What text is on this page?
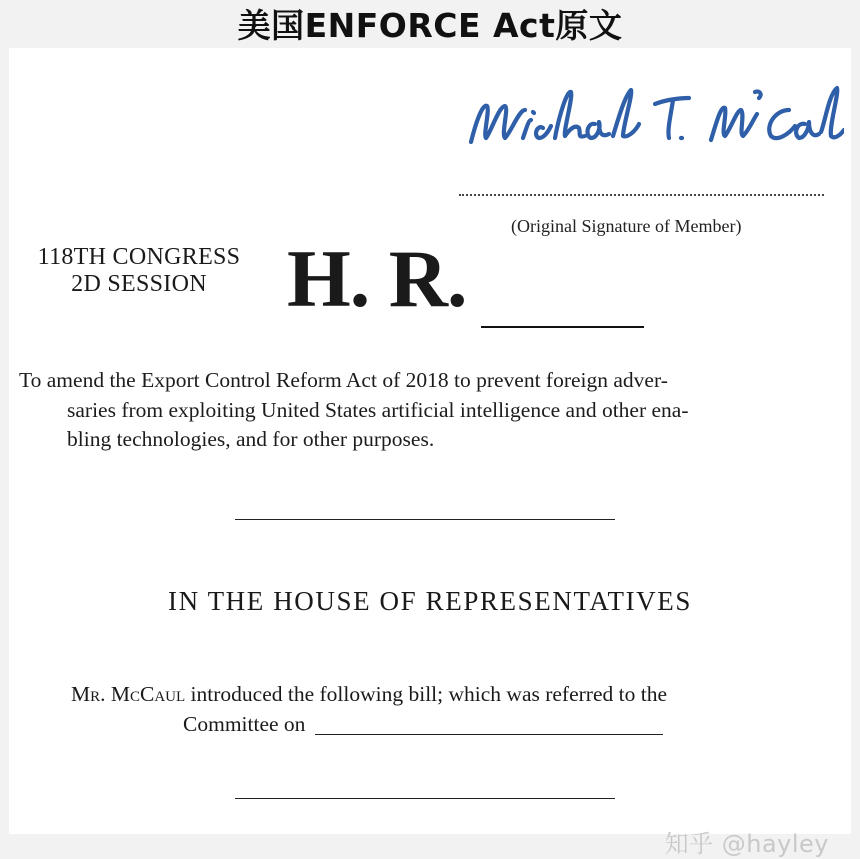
美国ENFORCE Act原文
(Original Signature of Member)
118TH CONGRESS
2D SESSION H. R.
To amend the Export Control Reform Act of 2018 to prevent foreign adver-
saries from exploiting United States artificial intelligence and other ena-
bling technologies, and for other purposes.
IN THE HOUSE OF REPRESENTATIVES
Mr. McCaul introduced the following bill; which was referred to the
Committee on
知乎 @hayley
